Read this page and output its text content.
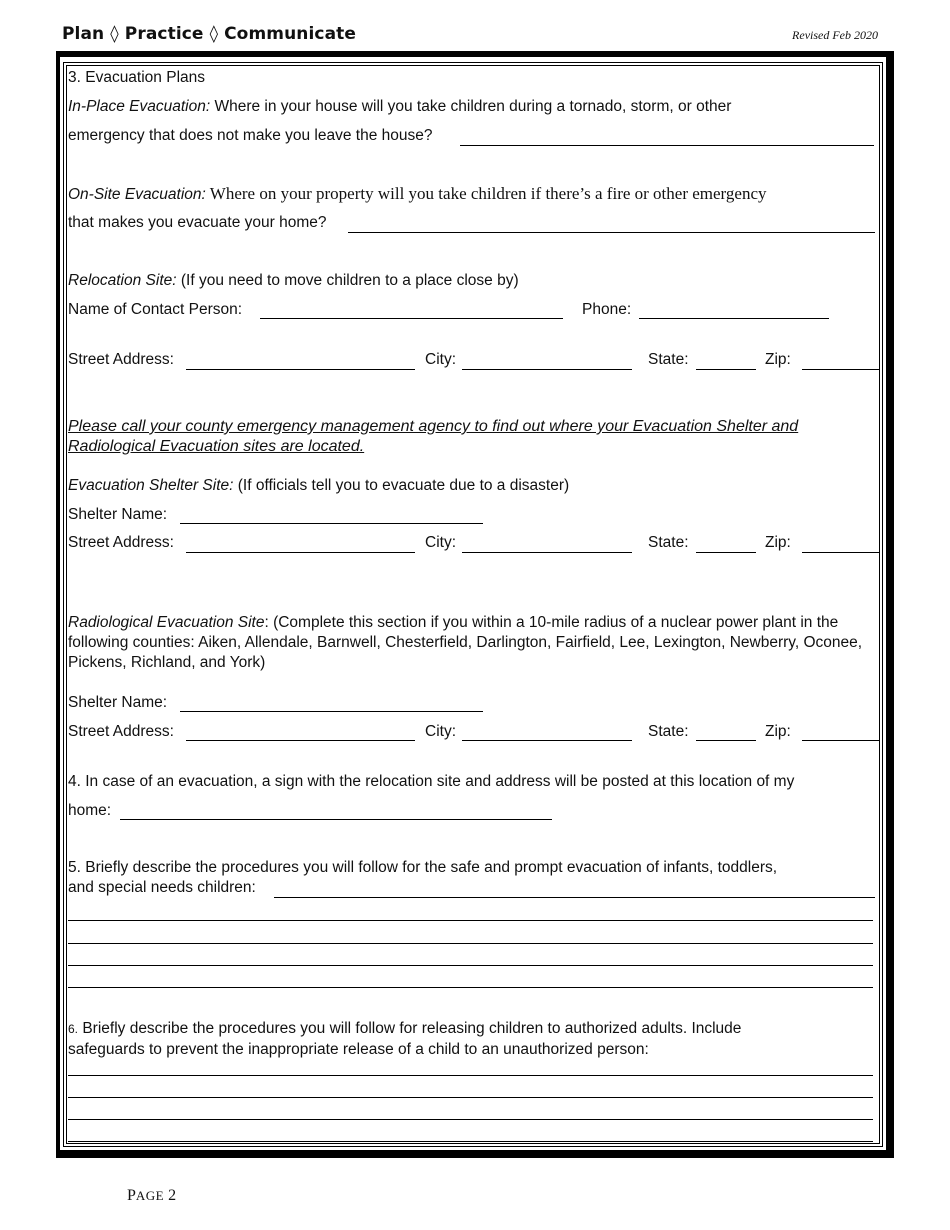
Plan ◊ Practice ◊ Communicate	Revised Feb 2020
3. Evacuation Plans
In-Place Evacuation: Where in your house will you take children during a tornado, storm, or other
emergency that does not make you leave the house?
On-Site Evacuation: Where on your property will you take children if there’s a fire or other emergency
that makes you evacuate your home?
Relocation Site: (If you need to move children to a place close by)
Name of Contact Person:	Phone:
Street Address:	City:	State:	Zip:
Please call your county emergency management agency to find out where your Evacuation Shelter and Radiological Evacuation sites are located.
Evacuation Shelter Site: (If officials tell you to evacuate due to a disaster)
Shelter Name:
Street Address:	City:	State:	Zip:
Radiological Evacuation Site: (Complete this section if you within a 10-mile radius of a nuclear power plant in the following counties: Aiken, Allendale, Barnwell, Chesterfield, Darlington, Fairfield, Lee, Lexington, Newberry, Oconee, Pickens, Richland, and York)
Shelter Name:
Street Address:	City:	State:	Zip:
4. In case of an evacuation, a sign with the relocation site and address will be posted at this location of my
home:
5. Briefly describe the procedures you will follow for the safe and prompt evacuation of infants, toddlers,
and special needs children:
6. Briefly describe the procedures you will follow for releasing children to authorized adults. Include
safeguards to prevent the inappropriate release of a child to an unauthorized person:
PAGE 2
